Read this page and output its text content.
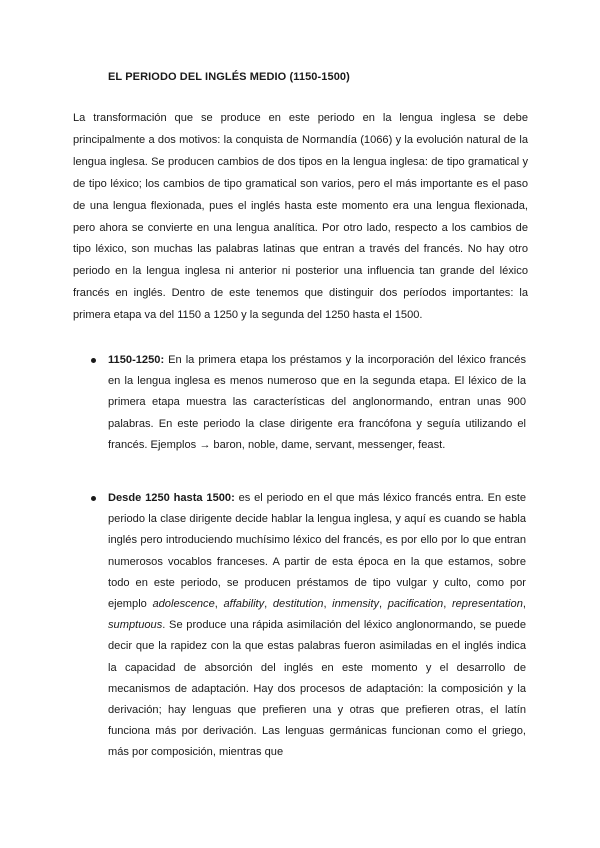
EL PERIODO DEL INGLÉS MEDIO (1150-1500)

La transformación que se produce en este periodo en la lengua inglesa se debe principalmente a dos motivos: la conquista de Normandía (1066) y la evolución natural de la lengua inglesa. Se producen cambios de dos tipos en la lengua inglesa: de tipo gramatical y de tipo léxico; los cambios de tipo gramatical son varios, pero el más importante es el paso de una lengua flexionada, pues el inglés hasta este momento era una lengua flexionada, pero ahora se convierte en una lengua analítica. Por otro lado, respecto a los cambios de tipo léxico, son muchas las palabras latinas que entran a través del francés. No hay otro periodo en la lengua inglesa ni anterior ni posterior una influencia tan grande del léxico francés en inglés. Dentro de este tenemos que distinguir dos períodos importantes: la primera etapa va del 1150 a 1250 y la segunda del 1250 hasta el 1500.

1150-1250: En la primera etapa los préstamos y la incorporación del léxico francés en la lengua inglesa es menos numeroso que en la segunda etapa. El léxico de la primera etapa muestra las características del anglonormando, entran unas 900 palabras. En este periodo la clase dirigente era francófona y seguía utilizando el francés. Ejemplos → baron, noble, dame, servant, messenger, feast.
Desde 1250 hasta 1500: es el periodo en el que más léxico francés entra. En este periodo la clase dirigente decide hablar la lengua inglesa, y aquí es cuando se habla inglés pero introduciendo muchísimo léxico del francés, es por ello por lo que entran numerosos vocablos franceses. A partir de esta época en la que estamos, sobre todo en este periodo, se producen préstamos de tipo vulgar y culto, como por ejemplo adolescence, affability, destitution, inmensity, pacification, representation, sumptuous. Se produce una rápida asimilación del léxico anglonormando, se puede decir que la rapidez con la que estas palabras fueron asimiladas en el inglés indica la capacidad de absorción del inglés en este momento y el desarrollo de mecanismos de adaptación. Hay dos procesos de adaptación: la composición y la derivación; hay lenguas que prefieren una y otras que prefieren otras, el latín funciona más por derivación. Las lenguas germánicas funcionan como el griego, más por composición, mientras que
